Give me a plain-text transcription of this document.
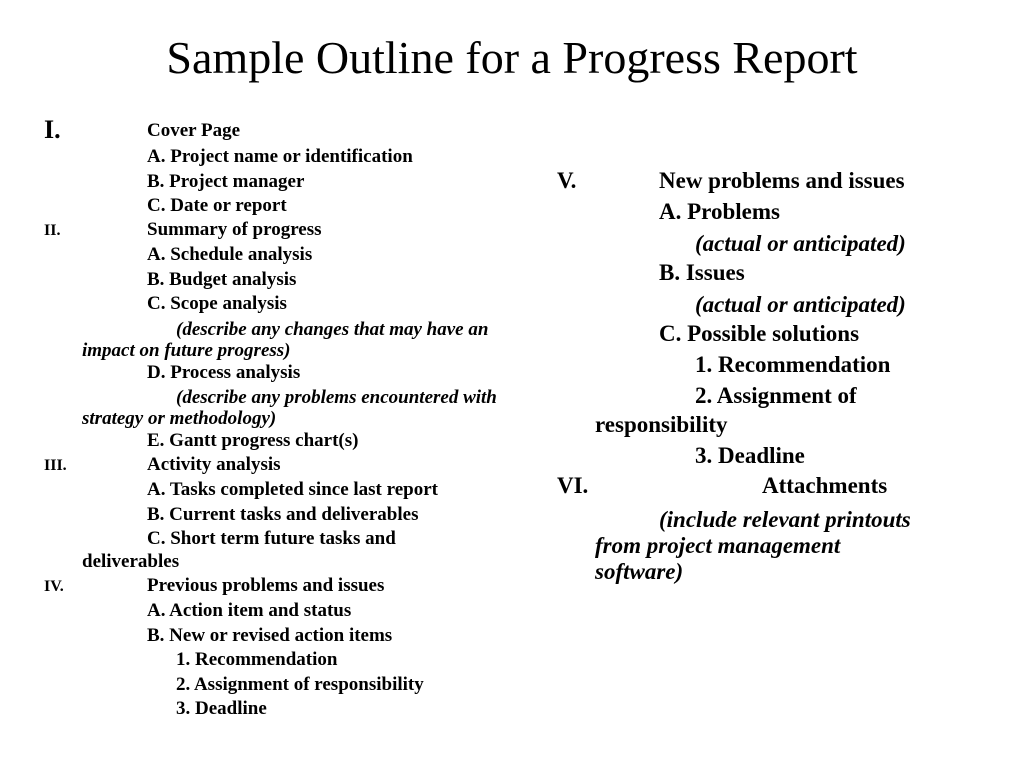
Sample Outline for a Progress Report
I.	Cover Page
A. Project name or identification
B. Project manager
C. Date or report
II.	Summary of progress
A. Schedule analysis
B. Budget analysis
C. Scope analysis
(describe any changes that may have an
impact on future progress)
D. Process analysis
(describe any problems encountered with
strategy or methodology)
E. Gantt progress chart(s)
III.	Activity analysis
A. Tasks completed since last report
B. Current tasks and deliverables
C. Short term future tasks and
deliverables
IV.	Previous problems and issues
A. Action item and status
B. New or revised action items
1. Recommendation
2. Assignment of responsibility
3. Deadline
V.	New problems and issues
A. Problems
(actual or anticipated)
B. Issues
(actual or anticipated)
C. Possible solutions
1. Recommendation
2. Assignment of
responsibility
3. Deadline
VI.	Attachments
(include relevant printouts
from project management
software)
